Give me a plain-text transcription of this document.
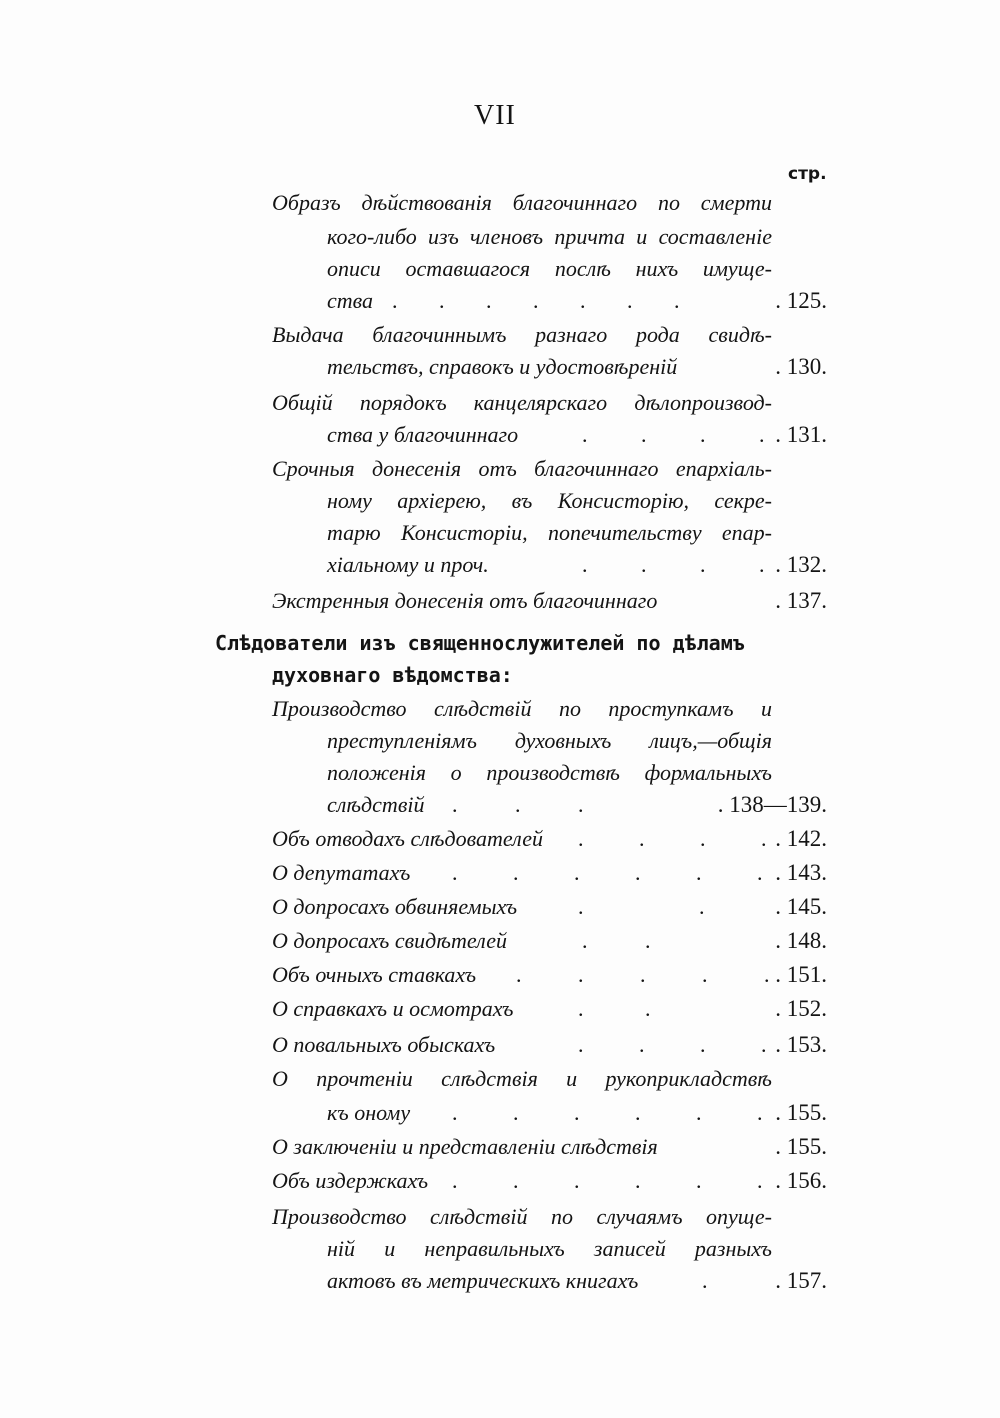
VII
стр.
Образъ дѣйствованія благочиннаго по смерти
кого-либо изъ членовъ причта и составленіе
описи оставшагося послѣ нихъ имуще-
ства . . . . . . .	. 125.
Выдача благочиннымъ разнаго рода свидѣ-
тельствъ, справокъ и удостовѣреній	. 130.
Общій порядокъ канцелярскаго дѣлопроизвод-
ства у благочиннаго	. . . . . 131.
Срочныя донесенія отъ благочиннаго епархіаль-
ному архіерею, въ Консисторію, секре-
тарю Консисторіи, попечительству епар-
хіальному и проч.	. . . . . 132.
Экстренныя донесенія отъ благочиннаго	. 137.
Слѣдователи изъ священнослужителей по дѣламъ
духовнаго вѣдомства:
Производство слѣдствій по проступкамъ и
преступленіямъ духовныхъ лицъ,—общія
положенія о производствѣ формальныхъ
слѣдствій . . .	. 138—139.
Объ отводахъ слѣдователей . . . . . 142.
О депутатахъ . . . . . . . 143.
О допросахъ обвиняемыхъ	. .	. 145.
О допросахъ свидѣтелей	. .	. 148.
Объ очныхъ ставкахъ . . . . . . 151.
О справкахъ и осмотрахъ	. .	. 152.
О повальныхъ обыскахъ	. . . . . 153.
О прочтеніи слѣдствія и рукоприкладствѣ
къ оному . . . . . . . 155.
О заключеніи и представленіи слѣдствія	. 155.
Объ издержкахъ . . . . . . . 156.
Производство слѣдствій по случаямъ опуще-
ній и неправильныхъ записей разныхъ
актовъ въ метрическихъ книгахъ	.	. 157.
